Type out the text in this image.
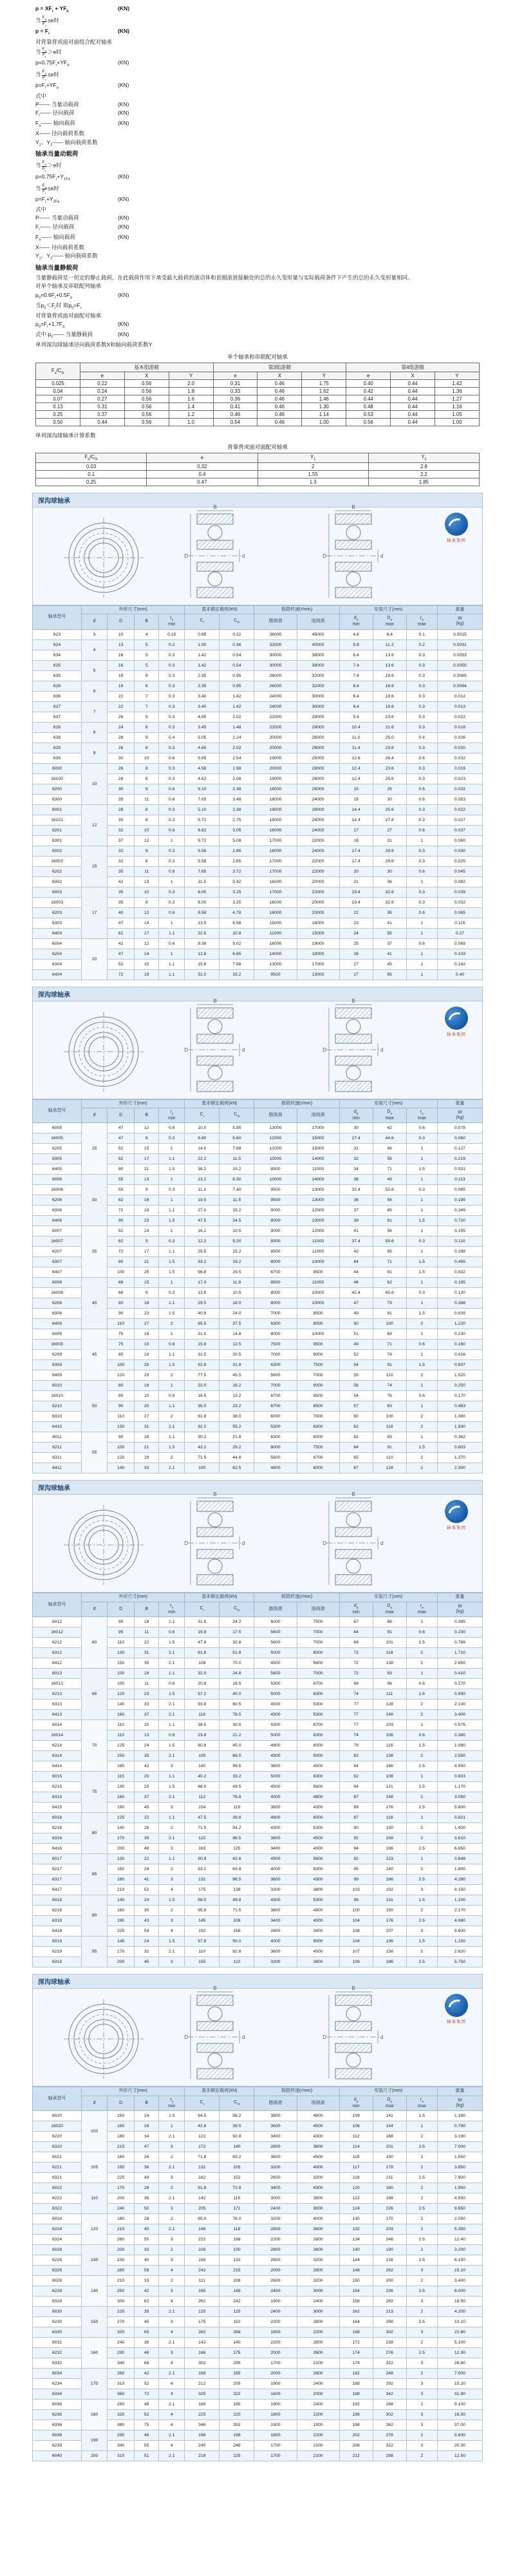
$p = XF_r + YF_a$	(KN)
当 $\frac{F_a}{F_r} \le e$时
$p = F_r$	(KN)
对背靠背或面对面组合配对轴承
当 $\frac{F_a}{F_r} >e$时
$p=0.75F_r+YF_a$	(KN)
当 $\frac{F_a}{F_r} \le e$时
$p=F_r+YF_a$	(KN)
式中
P—— 当量动载荷	(KN)
$F_r——$ 径向载荷	(KN)
$F_a——$ 轴向载荷	(KN)
X—— 径向载荷系数
$Y_1$、$Y_2——$ 轴向载荷系数
轴承当量动载荷
当 $\frac{F_a}{F_r} >e$时
$p=0.75F_r+Y_{1Fa}$	(KN)
当 $\frac{F_a}{F_r} \le e$时
$p=F_r+Y_{2Fa}$	(KN)
式中
P—— 当量动载荷	(KN)
$F_r——$ 径向载荷	(KN)
$F_a——$ 轴向载荷	(KN)
X—— 径向载荷系数
$Y_1$、$Y_2——$ 轴向载荷系数
轴承当量静载荷
当量静载荷是一恒定的静止载荷。在此载荷作用下承受最大载荷的滚动体和套圈滚道接触处的总的永久变形量与实际载荷条件下产生的总的永久变形量相同。
对单个轴承及串联配列轴承
$p_0=0.6F_r+0.5F_a$	(KN)
当$p_0<F_r$时 取$p_0=F_r$
对背靠背或面对面配对轴承
$p_0=F_r+1.7F_a$	(KN)
式中 $p_0——$ 当量静载荷	(KN)
单列深沟球轴承径向载荷系数X和轴向载荷系数Y
单个轴承和串联配对轴承
$F_a/C_{0r}$	基本组游隙			第3组游隙			第4组游隙		
	e	X	Y	e	X	Y	e	X	Y
0.025	0.22	0.56	2.0	0.31	0.46	1.75	0.40	0.44	1.42
0.04	0.24	0.56	1.8	0.33	0.46	1.62	0.42	0.44	1.36
0.07	0.27	0.56	1.6	0.36	0.46	1.46	0.44	0.44	1.27
0.13	0.31	0.56	1.4	0.41	0.46	1.30	0.48	0.44	1.16
0.25	0.37	0.56	1.2	0.46	0.46	1.14	0.53	0.44	1.05
0.50	0.44	0.56	1.0	0.54	0.46	1.00	0.56	0.44	1.00
单列深沟球轴承计算系数
背靠背或面对面配对轴承
$F_a/C_{0r}$	e	$Y_1$	$Y_2$
0.03	0.32	2	2.8
0.1	0.4	1.55	2.2
0.25	0.47	1.3	1.85
深沟球轴承
B
D	d
B
D	d
轴承集团
轴承型号	外形尺寸(mm)				基本额定载荷(kN)		极限转速(r/min)		安装尺寸(mm)			重量
	d	D	B	$r_s$
min	$C_r$	$C_{0r}$	脂润滑	油润滑	$d_a$
min	$D_a$
max	$r_a$
max	W
(kg)
623	3	10	4	0.15	0.65	0.22	36000	45000	4.6	8.4	0.1	0.0015
624	4	13	5	0.2	1.00	0.36	32000	40000	5.8	11.2	0.2	0.0031
634		16	5	0.3	1.42	0.54	30000	38000	6.4	13.6	0.3	0.0053
625	5	16	5	0.3	1.42	0.54	30000	38000	7.4	13.6	0.3	0.0050
635		19	6	0.3	2.35	0.95	26000	32000	7.4	16.6	0.3	0.0085
626	6	19	6	0.3	2.35	0.95	26000	32000	8.4	16.6	0.3	0.0084
636		22	7	0.3	3.40	1.42	24000	30000	8.4	19.6	0.3	0.012
627	7	22	7	0.3	3.40	1.42	24000	30000	9.4	19.6	0.3	0.013
637		26	9	0.3	4.65	2.02	22000	28000	9.4	23.6	0.3	0.022
628	8	24	8	0.3	3.45	1.48	22000	28000	10.4	21.6	0.3	0.018
638		28	9	0.4	5.05	2.24	20000	26000	11.0	25.0	0.4	0.026
629	9	26	8	0.3	4.65	2.02	20000	26000	11.4	23.6	0.3	0.020
639		30	10	0.6	5.65	2.54	19000	25000	12.6	26.4	0.6	0.032
6000	10	26	8	0.3	4.58	1.98	20000	28000	12.4	23.6	0.3	0.019
16100		28	8	0.3	4.62	2.08	19000	26000	12.4	25.6	0.3	0.023
6200		30	9	0.6	5.10	2.38	19000	26000	15	25	0.6	0.032
6300		35	11	0.6	7.65	3.48	18000	24000	15	30	0.6	0.053
6001	12	28	8	0.3	5.10	2.38	19000	26000	14.4	25.6	0.3	0.022
16101		30	8	0.3	5.72	2.75	18000	24000	14.4	27.6	0.3	0.027
6201		32	10	0.6	6.82	3.05	18000	24000	17	27	0.6	0.037
6301		37	12	1	9.72	5.08	17000	22000	18	31	1	0.060
6002	15	32	9	0.3	5.58	2.85	18000	24000	17.4	29.6	0.3	0.030
16002		32	8	0.3	5.58	2.85	17000	22000	17.4	29.6	0.3	0.025
6202		35	11	0.6	7.65	3.72	17000	22000	20	30	0.6	0.045
6302		42	13	1	11.5	5.42	16000	20000	21	36	1	0.082
6003	17	35	10	0.3	6.00	3.25	17000	22000	19.4	32.6	0.3	0.039
16003		35	8	0.3	6.00	3.25	16000	20000	19.4	32.6	0.3	0.032
6203		40	12	0.6	9.58	4.78	16000	20000	22	35	0.6	0.065
6303		47	14	1	13.5	6.58	15000	18000	23	41	1	0.115
6403		62	17	1.1	22.5	10.8	11000	15000	24	55	1	0.27
6004	20	42	12	0.6	9.38	5.02	16000	19000	25	37	0.6	0.069
6204		47	14	1	12.8	6.65	14000	18000	26	41	1	0.103
6304		52	15	1.1	15.8	7.88	13000	17000	27	45	1	0.142
6404		72	19	1.1	31.0	15.2	9500	13000	27	65	1	0.40
深沟球轴承
B
D	d
B
D	d
轴承集团
轴承型号	外形尺寸(mm)				基本额定载荷(kN)		极限转速(r/min)		安装尺寸(mm)			重量
	d	D	B	$r_s$
min	$C_r$	$C_{0r}$	脂润滑	油润滑	$d_a$
min	$D_a$
max	$r_a$
max	W
(kg)
6005	25	47	12	0.6	10.0	5.85	13000	17000	30	42	0.6	0.078
16005		47	8	0.3	8.80	5.60	12000	15000	27.4	44.6	0.3	0.060
6205		52	15	1	14.0	7.88	12000	15000	31	46	1	0.127
6305		62	17	1.1	22.2	11.5	10000	14000	32	55	1	0.219
6405		80	21	1.5	38.2	19.2	8500	11000	34	71	1.5	0.531
6006	30	55	13	1	13.2	8.30	10000	14000	36	49	1	0.113
16006		55	9	0.3	11.2	7.40	9500	13000	32.4	52.6	0.3	0.085
6206		62	16	1	19.5	11.5	9500	13000	36	56	1	0.199
6306		72	19	1.1	27.0	15.2	9000	12000	37	65	1	0.349
6406		90	23	1.5	47.5	24.5	8000	10000	39	81	1.5	0.720
6007	35	62	14	1	16.2	10.5	9000	12000	41	56	1	0.155
16007		62	9	0.3	12.2	9.20	8500	11000	37.4	59.6	0.3	0.110
6207		72	17	1.1	25.5	15.2	8500	11000	42	65	1	0.288
6307		80	21	1.5	33.2	19.2	8000	10000	44	71	1.5	0.455
6407		100	25	1.5	56.8	29.5	6700	8500	44	91	1.5	0.932
6008	40	68	15	1	17.0	11.8	8500	11000	46	62	1	0.185
16008		68	9	0.3	13.8	10.5	8000	10000	42.4	65.6	0.3	0.120
6208		80	18	1.1	29.5	18.0	8000	10000	47	73	1	0.368
6308		90	23	1.5	40.8	24.0	7000	8500	49	81	1.5	0.639
6408		110	27	2	65.5	37.5	6300	8000	50	100	2	1.220
6009	45	75	16	1	21.0	14.8	8000	10000	51	69	1	0.230
16009		75	10	0.6	15.8	12.5	7500	9500	49	71	0.6	0.160
6209		85	19	1.1	31.5	20.5	7000	9000	52	78	1	0.416
6309		100	25	1.5	52.8	31.8	6300	7500	54	91	1.5	0.837
6409		120	29	2	77.5	45.5	5600	7000	55	110	2	1.520
6010	50	80	16	1	22.0	16.2	7000	9000	56	74	1	0.250
16010		80	10	0.6	16.5	13.2	6700	8500	54	76	0.6	0.170
6210		90	20	1.1	35.0	23.2	6700	8500	57	83	1	0.463
6310		110	27	2	61.8	38.0	6000	7000	60	100	2	1.080
6410		130	31	2.1	92.2	55.2	5300	6300	62	118	2	1.930
6011	55	90	18	1.1	30.2	21.8	6300	8000	62	83	1	0.362
6211		100	21	1.5	43.2	29.2	6000	7500	64	91	1.5	0.603
6311		120	29	2	71.5	44.8	5600	6700	65	110	2	1.370
6411		140	33	2.1	100	62.5	4800	6000	67	128	2	2.300
深沟球轴承
B
D	d
B
D	d
轴承集团
轴承型号	外形尺寸(mm)				基本额定载荷(kN)		极限转速(r/min)		安装尺寸(mm)			重量
	d	D	B	$r_s$
min	$C_r$	$C_{0r}$	脂润滑	油润滑	$d_a$
min	$D_a$
max	$r_a$
max	W
(kg)
6012	60	95	18	1.1	31.5	24.2	6000	7500	67	88	1	0.385
16012		95	11	0.6	19.8	17.5	5600	7000	64	91	0.6	0.230
6212		110	22	1.5	47.8	32.8	5600	7000	69	101	1.5	0.789
6312		130	31	2.1	81.8	51.8	5000	6000	72	118	2	1.710
6412		150	35	2.1	108	70.0	4500	5600	72	138	2	2.850
6013	65	100	18	1.1	32.0	24.8	5600	7000	72	93	1	0.410
16013		100	11	0.6	20.8	18.5	5300	6700	69	96	0.6	0.270
6213		120	23	1.5	57.2	40.0	5000	6300	74	111	1.5	0.990
6313		140	33	2.1	93.8	60.5	4500	5300	77	128	2	2.100
6413		160	37	2.1	118	78.5	4300	5300	77	148	2	3.400
6014	70	110	20	1.1	38.5	30.5	5300	6700	77	103	1	0.575
16014		110	13	0.6	23.8	21.2	5000	6300	74	106	0.6	0.380
6214		125	24	1.5	60.8	45.0	4800	6000	79	116	1.5	1.080
6314		150	35	2.1	105	68.0	4300	5000	82	138	2	2.550
6414		180	42	3	140	99.5	3800	4500	84	166	2.5	4.950
6015	75	115	20	1.1	40.2	33.2	5000	6300	82	108	1	0.603
6215		130	25	1.5	66.0	49.5	4500	5600	84	121	1.5	1.170
6315		160	37	2.1	112	76.8	4000	4800	87	148	2	3.050
6415		190	45	3	154	115	3600	4300	89	176	2.5	5.800
6016	80	125	22	1.1	47.5	39.8	4800	6000	87	118	1	0.821
6216		140	26	2	71.5	54.2	4300	5300	90	130	2	1.400
6316		170	39	2.1	122	86.5	3800	4500	92	158	2	3.610
6416		200	48	3	163	125	3400	4000	94	186	2.5	6.850
6017	85	130	22	1.1	50.8	42.8	4500	5600	92	123	1	0.848
6217		150	28	2	83.2	63.8	4000	5000	95	140	2	1.800
6317		180	41	3	132	96.5	3600	4300	99	166	2.5	4.280
6417		210	52	4	175	138	3200	3800	103	192	3	8.150
6018	90	140	24	1.5	58.0	49.8	4300	5300	99	131	1.5	1.100
6218		160	30	2	95.8	71.5	3800	4800	100	150	2	2.170
6318		190	43	3	145	108	3400	4000	104	176	2.5	4.980
6418		225	54	4	192	158	2800	3400	108	207	3	9.600
6019	95	145	24	1.5	57.8	50.0	4000	5000	104	136	1.5	1.150
6219		170	32	2.1	110	82.8	3600	4500	107	158	2	2.620
6319		200	45	3	155	122	3200	3800	109	186	2.5	5.750
深沟球轴承
B
D	d
B
D	d
轴承集团
轴承型号	外形尺寸(mm)				基本额定载荷(kN)		极限转速(r/min)		安装尺寸(mm)			重量
	d	D	B	$r_s$
min	$C_r$	$C_{0r}$	脂润滑	油润滑	$d_a$
min	$D_a$
max	$r_a$
max	W
(kg)
6020	100	150	24	1.5	64.5	56.2	3800	4800	109	141	1.5	1.180
16020		150	16	1	42.8	39.5	3600	4500	106	144	1	0.790
6220		180	34	2.1	122	92.8	3400	4300	112	168	2	3.190
6320		215	47	3	172	140	2800	3600	114	201	2.5	7.000
6021	105	160	26	2	71.8	63.2	3600	4500	115	150	2	1.550
6221		190	36	2.1	132	105	3200	4000	117	178	2	3.850
6321		225	49	3	182	152	2600	3200	119	211	2.5	7.900
6022	110	170	28	2	81.8	72.8	3400	4300	120	160	2	1.950
6222		200	38	2.1	142	115	3000	3800	122	188	2	4.550
6322		240	50	3	205	171	2400	3000	124	226	2.5	9.650
6024	120	180	28	2	85.0	78.0	3200	4000	130	170	2	2.050
6224		215	40	2.1	146	118	2800	3600	132	203	2	5.350
6324		260	55	3	222	188	2200	2800	134	246	2.5	12.40
6026	130	200	33	2	106	100	2800	3600	140	190	2	3.200
6226		230	40	3	156	132	2600	3200	144	216	2.5	6.150
6326		280	58	4	242	215	2000	2600	148	262	3	15.10
6028	140	210	33	2	111	108	2600	3200	150	200	2	3.400
6228		250	42	3	165	148	2400	3000	154	236	2.5	8.000
6328		300	62	4	262	242	1900	2400	158	282	3	18.50
6030	150	225	35	2.1	125	125	2400	3000	162	213	2	4.200
6230		270	45	3	175	162	2200	2800	164	256	2.5	10.10
6330		320	65	4	282	268	1800	2200	168	302	3	22.60
6032	160	240	38	2.1	143	140	2200	2800	172	228	2	5.100
6232		290	48	3	186	175	2000	2600	174	276	2.5	12.30
6332		340	68	4	302	295	1700	2100	178	322	3	26.80
6034	170	260	42	2.1	168	165	2000	2600	182	248	2	7.000
6234		310	52	4	212	205	1900	2400	188	292	3	15.20
6334		360	72	4	325	322	1600	2000	188	342	3	31.90
6036	180	280	46	2.1	188	185	1900	2400	192	268	2	9.100
6236		320	52	4	225	220	1800	2200	198	302	3	16.50
6336		380	75	4	348	352	1500	1900	198	362	3	37.00
6038	190	290	46	2.1	196	198	1800	2200	202	278	2	9.600
6238		340	55	4	245	248	1700	2100	208	322	3	20.30
6040	200	310	51	2.1	218	225	1700	2100	212	298	2	12.50
